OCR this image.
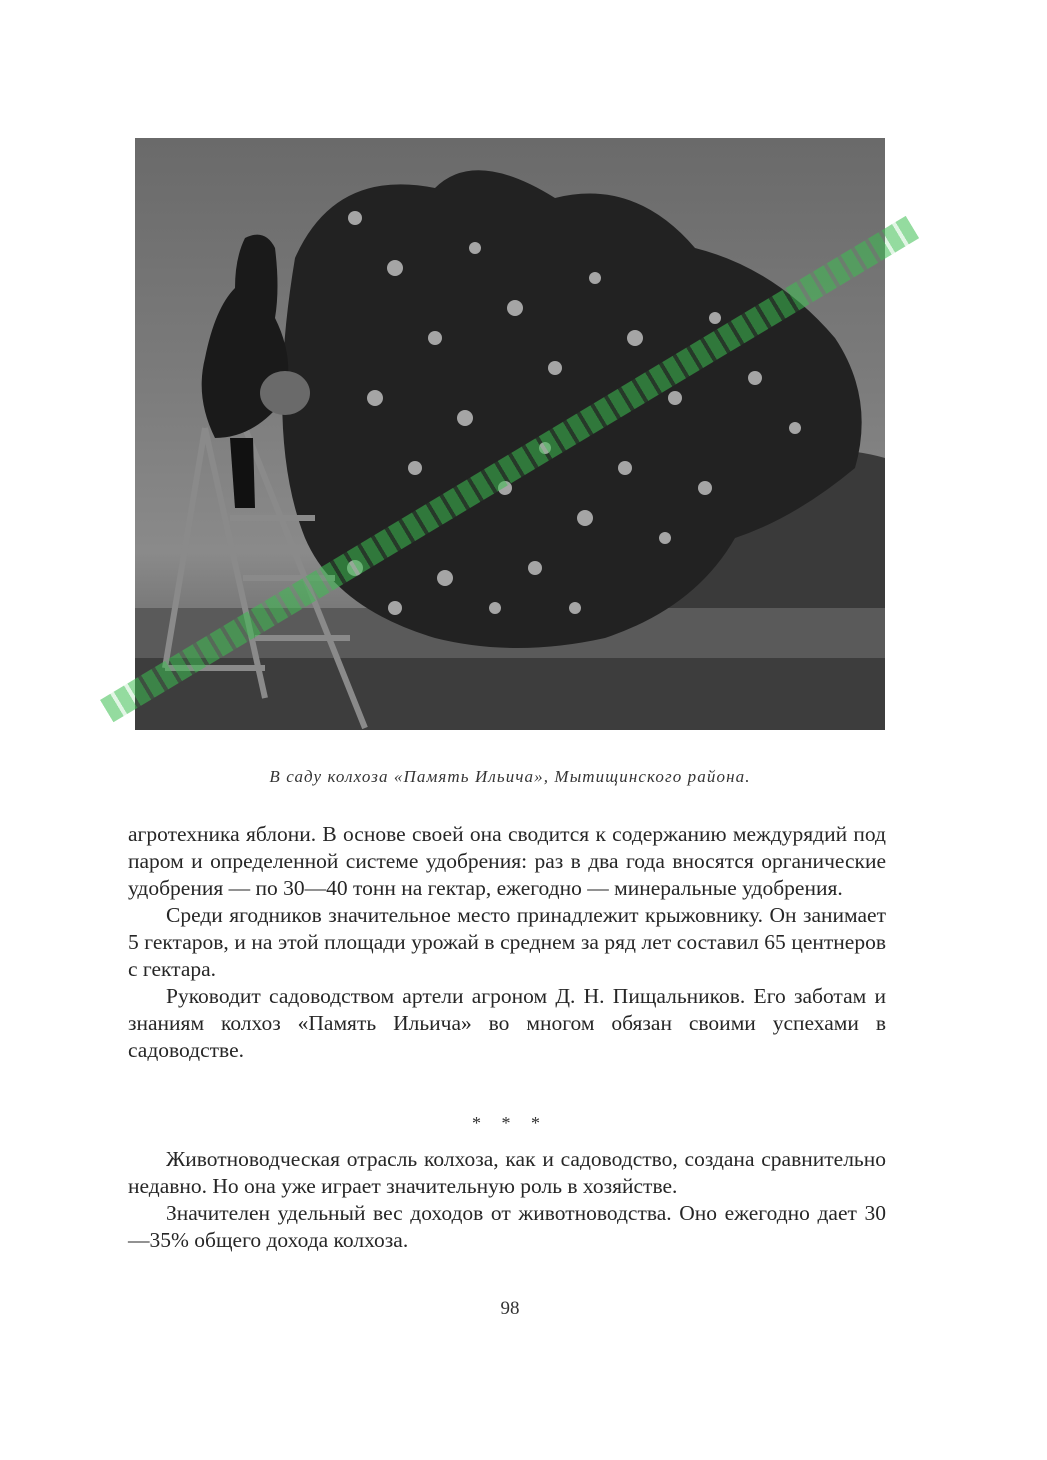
В саду колхоза «Память Ильича», Мытищинского района.

агротехника яблони. В основе своей она сводится к содержанию междурядий под паром и определенной системе удобрения: раз в два года вносятся органические удобрения — по 30—40 тонн на гектар, ежегодно — минеральные удобрения.

Среди ягодников значительное место принадлежит крыжовнику. Он занимает 5 гектаров, и на этой площади урожай в среднем за ряд лет составил 65 центнеров с гектара.

Руководит садоводством артели агроном Д. Н. Пищальников. Его заботам и знаниям колхоз «Память Ильича» во многом обязан своими успехами в садоводстве.

* * *

Животноводческая отрасль колхоза, как и садоводство, создана сравнительно недавно. Но она уже играет значительную роль в хозяйстве.

Значителен удельный вес доходов от животноводства. Оно ежегодно дает 30—35% общего дохода колхоза.

98
